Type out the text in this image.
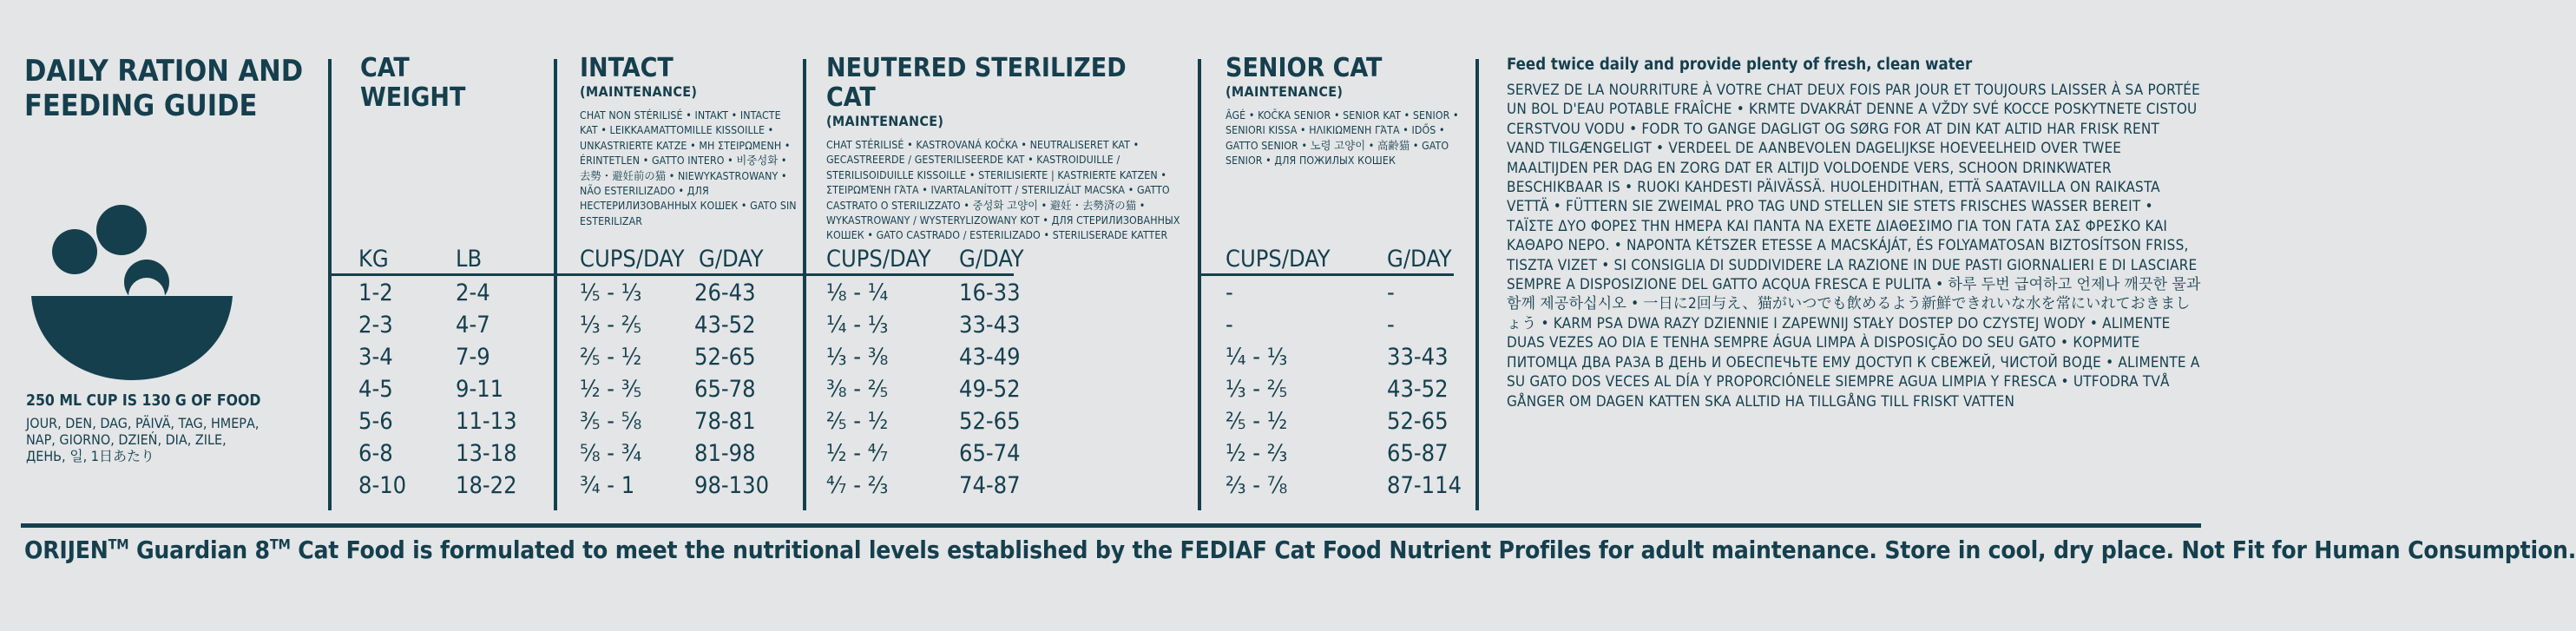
DAILY RATION AND FEEDING GUIDE
250 ML CUP IS 130 G OF FOOD
JOUR, DEN, DAG, PÄIVÄ, TAG, ΗΜΕΡΑ, NAP, GIORNO, DZIEŃ, DIA, ZILE, ДЕНЬ, 일, 1日あたり
CAT WEIGHT
INTACT
(MAINTENANCE)
CHAT NON STÉRILISÉ • INTAKT • INTACTE KAT • LEIKKAAMATTOMILLE KISSOILLE • UNKASTRIERTE KATZE • ΜΗ ΣΤΕΙΡΩΜΕΝΗ • ÉRINTETLEN • GATTO INTERO • 비중성화 • 去勢・避妊前の猫 • NIEWYKASTROWANY • NÃO ESTERILIZADO • ДЛЯ НЕСТЕРИЛИЗОВАННЫХ КОШЕК • GATO SIN ESTERILIZAR
NEUTERED STERILIZED CAT
(MAINTENANCE)
CHAT STÉRILISÉ • KASTROVANÁ KOČKA • NEUTRALISERET KAT • GECASTREERDE / GESTERILISEERDE KAT • KASTROIDUILLE / STERILISOIDUILLE KISSOILLE • STERILISIERTE | KASTRIERTE KATZEN • ΣΤΕΙΡΩΜΈΝΗ ΓΆΤΑ • IVARTALANÍTOTT / STERILIZÁLT MACSKA • GATTO CASTRATO O STERILIZZATO • 중성화 고양이 • 避妊・去勢済の猫 • WYKASTROWANY / WYSTERYLIZOWANY KOT • ДЛЯ СТЕРИЛИЗОВАННЫХ КОШЕК • GATO CASTRADO / ESTERILIZADO • STERILISERADE KATTER
SENIOR CAT
(MAINTENANCE)
ÂGÉ • KOČKA SENIOR • SENIOR KAT • SENIOR • SENIORI KISSA • ΗΛΙΚΙΩΜΕΝΗ ΓΆΤΑ • IDŐS • GATTO SENIOR • 노령 고양이 • 高齢猫 • GATO SENIOR • ДЛЯ ПОЖИЛЫХ КОШЕК
KG	LB	CUPS/DAY G/DAY	CUPS/DAY G/DAY	CUPS/DAY G/DAY
1-2	2-4	⅕ - ⅓ 26-43	⅛ - ¼	16-33	-	-
2-3	4-7	⅓ - ⅖ 43-52	¼ - ⅓	33-43	-	-
3-4	7-9	⅖ - ½ 52-65	⅓ - ⅜	43-49	¼ - ⅓	33-43
4-5	9-11	½ - ⅗ 65-78	⅜ - ⅖	49-52	⅓ - ⅖	43-52
5-6	11-13	⅗ - ⅝ 78-81	⅖ - ½	52-65	⅖ - ½	52-65
6-8	13-18	⅝ - ¾ 81-98	½ - ⁴⁄₇	65-74	½ - ⅔	65-87
8-10 18-22	¾ - 1	98-130 ⁴⁄₇ - ⅔	74-87	⅔ - ⅞	87-114
Feed twice daily and provide plenty of fresh, clean water
SERVEZ DE LA NOURRITURE À VOTRE CHAT DEUX FOIS PAR JOUR ET TOUJOURS LAISSER À SA PORTÉE UN BOL D'EAU POTABLE FRAÎCHE • KRMTE DVAKRÁT DENNE A VŽDY SVÉ KOCCE POSKYTNETE CISTOU CERSTVOU VODU • FODR TO GANGE DAGLIGT OG SØRG FOR AT DIN KAT ALTID HAR FRISK RENT VAND TILGÆNGELIGT • VERDEEL DE AANBEVOLEN DAGELIJKSE HOEVEELHEID OVER TWEE MAALTIJDEN PER DAG EN ZORG DAT ER ALTIJD VOLDOENDE VERS, SCHOON DRINKWATER BESCHIKBAAR IS • RUOKI KAHDESTI PÄIVÄSSÄ. HUOLEHDITHAN, ETTÄ SAATAVILLA ON RAIKASTA VETTÄ • FÜTTERN SIE ZWEIMAL PRO TAG UND STELLEN SIE STETS FRISCHES WASSER BEREIT • ΤΑΪΣΤΕ ΔΥΟ ΦΟΡΕΣ ΤΗΝ ΗΜΕΡΑ ΚΑΙ ΠΑΝΤΑ ΝΑ ΕΧΕΤΕ ΔΙΑΘΕΣΙΜΟ ΓΙΑ ΤΟΝ ΓΑΤΑ ΣΑΣ ΦΡΕΣΚΟ ΚΑΙ ΚΑΘΑΡΟ ΝΕΡΟ. • NAPONTA KÉTSZER ETESSE A MACSKÁJÁT, ÉS FOLYAMATOSAN BIZTOSÍTSON FRISS, TISZTA VIZET • SI CONSIGLIA DI SUDDIVIDERE LA RAZIONE IN DUE PASTI GIORNALIERI E DI LASCIARE SEMPRE A DISPOSIZIONE DEL GATTO ACQUA FRESCA E PULITA • 하루 두번 급여하고 언제나 깨끗한 물과함께 제공하십시오 • 一日に2回与え、猫がいつでも飲めるよう新鮮できれいな水を常にいれておきましょう • KARM PSA DWA RAZY DZIENNIE I ZAPEWNIJ STAŁY DOSTEP DO CZYSTEJ WODY • ALIMENTE DUAS VEZES AO DIA E TENHA SEMPRE ÁGUA LIMPA À DISPOSIÇÃO DO SEU GATO • КОРМИТЕ ПИТОМЦА ДВА РАЗА В ДЕНЬ И ОБЕСПЕЧЬТЕ ЕМУ ДОСТУП К СВЕЖЕЙ, ЧИСТОЙ ВОДЕ • ALIMENTE A SU GATO DOS VECES AL DÍA Y PROPORCIÓNELE SIEMPRE AGUA LIMPIA Y FRESCA • UTFODRA TVÅ GÅNGER OM DAGEN KATTEN SKA ALLTID HA TILLGÅNG TILL FRISKT VATTEN
ORIJEN™ Guardian 8™ Cat Food is formulated to meet the nutritional levels established by the FEDIAF Cat Food Nutrient Profiles for adult maintenance. Store in cool, dry place. Not Fit for Human Consumption.
